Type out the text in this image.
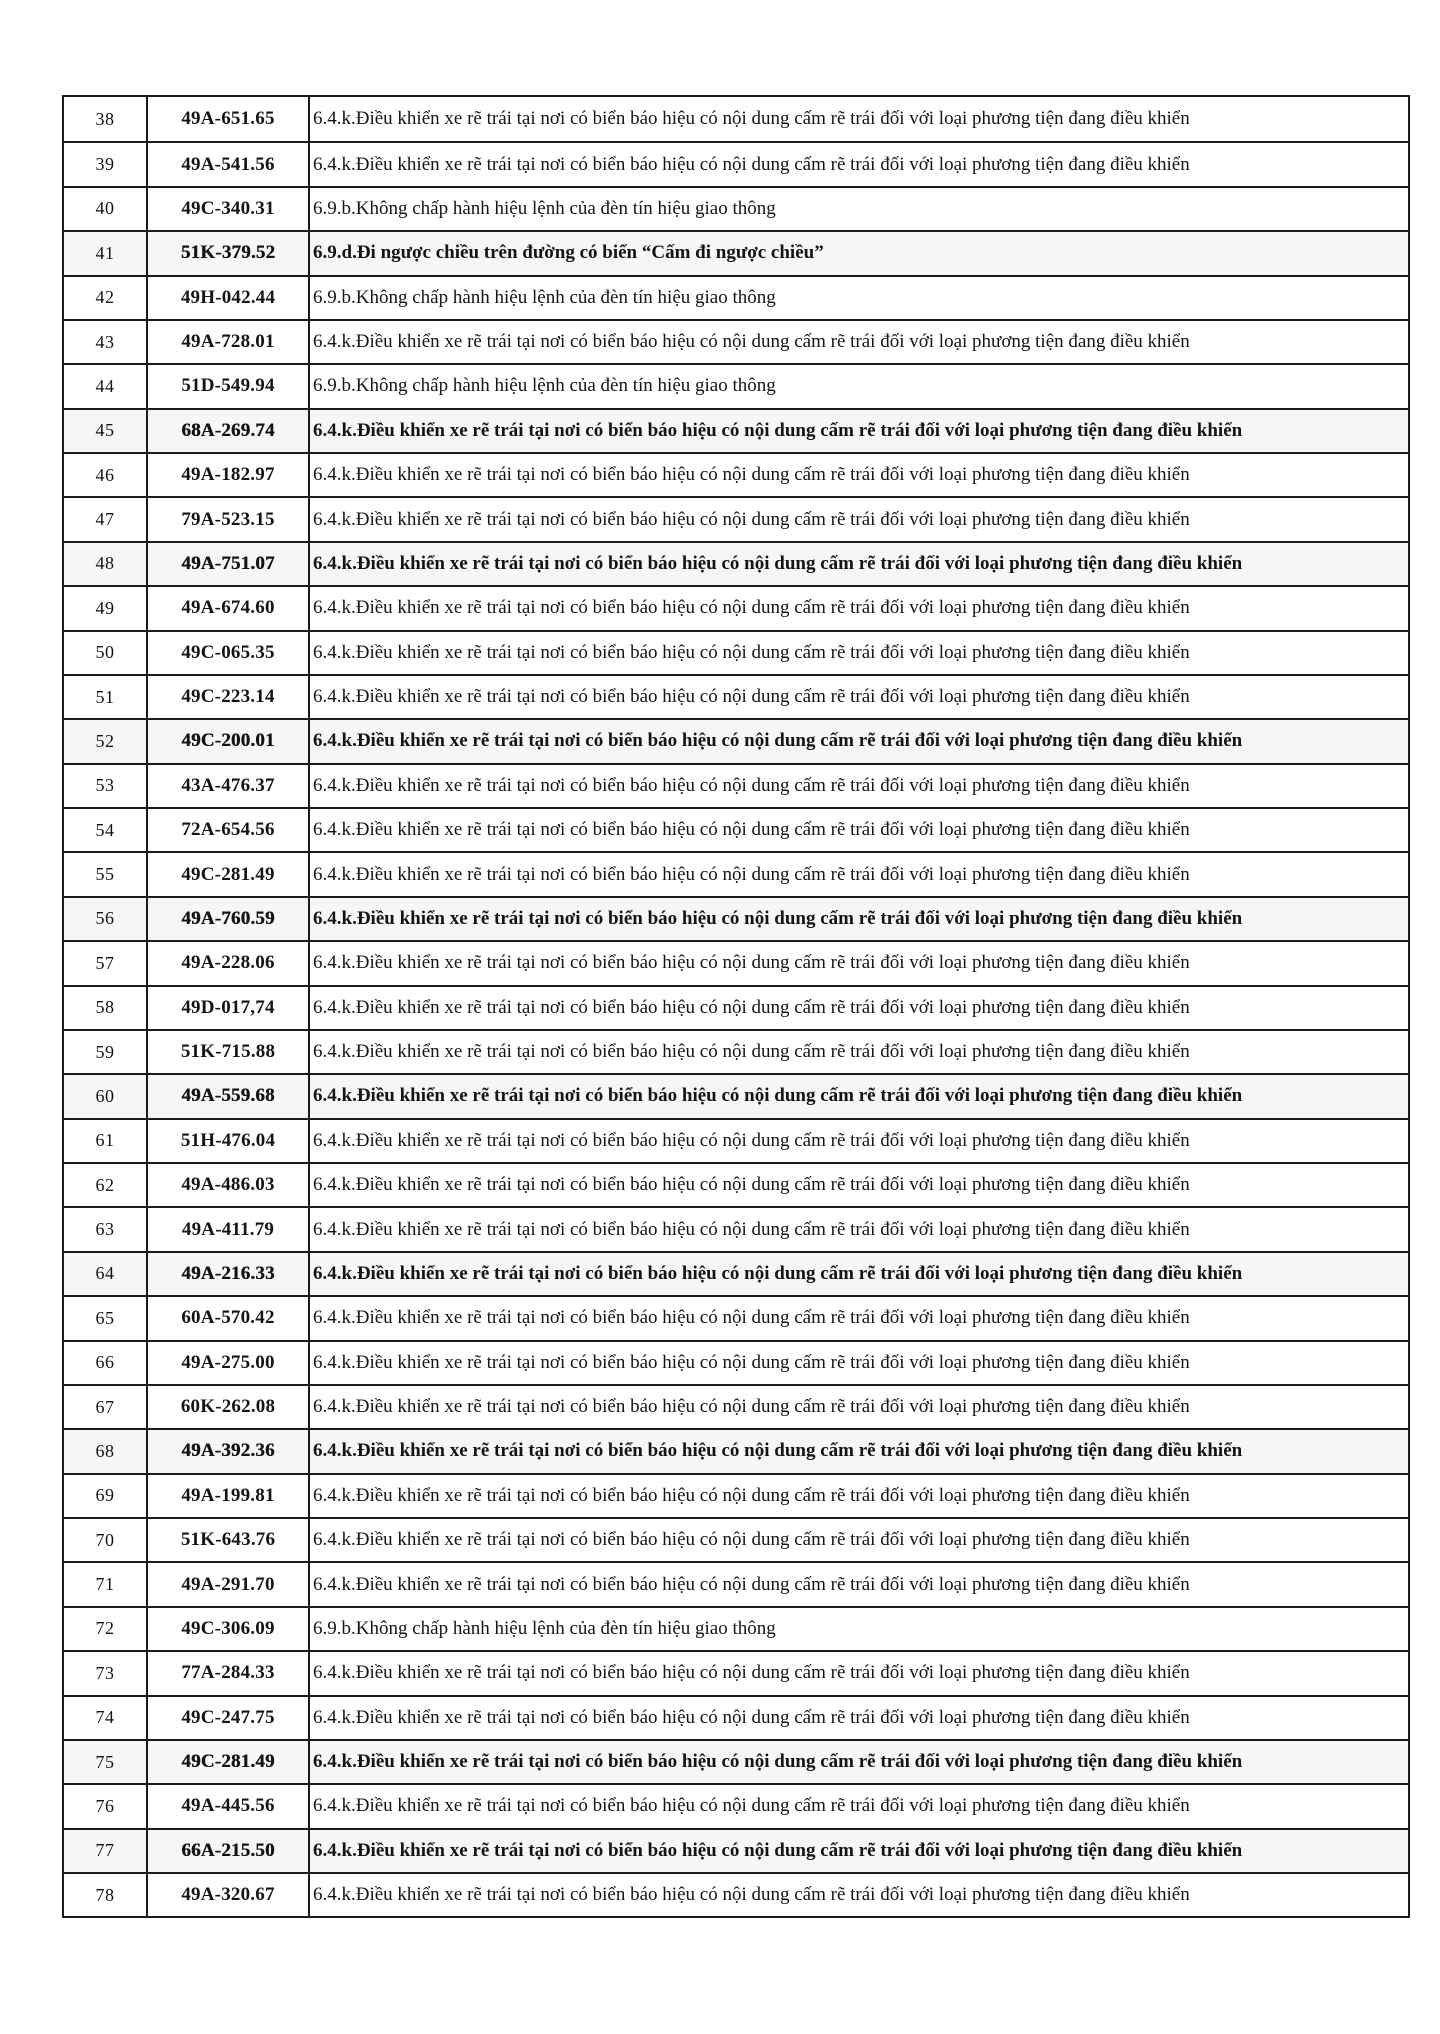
38	49A-651.65	6.4.k.Điều khiển xe rẽ trái tại nơi có biển báo hiệu có nội dung cấm rẽ trái đối với loại phương tiện đang điều khiển
39	49A-541.56	6.4.k.Điều khiển xe rẽ trái tại nơi có biển báo hiệu có nội dung cấm rẽ trái đối với loại phương tiện đang điều khiển
40	49C-340.31	6.9.b.Không chấp hành hiệu lệnh của đèn tín hiệu giao thông
41	51K-379.52	6.9.d.Đi ngược chiều trên đường có biển “Cấm đi ngược chiều”
42	49H-042.44	6.9.b.Không chấp hành hiệu lệnh của đèn tín hiệu giao thông
43	49A-728.01	6.4.k.Điều khiển xe rẽ trái tại nơi có biển báo hiệu có nội dung cấm rẽ trái đối với loại phương tiện đang điều khiển
44	51D-549.94	6.9.b.Không chấp hành hiệu lệnh của đèn tín hiệu giao thông
45	68A-269.74	6.4.k.Điều khiển xe rẽ trái tại nơi có biển báo hiệu có nội dung cấm rẽ trái đối với loại phương tiện đang điều khiển
46	49A-182.97	6.4.k.Điều khiển xe rẽ trái tại nơi có biển báo hiệu có nội dung cấm rẽ trái đối với loại phương tiện đang điều khiển
47	79A-523.15	6.4.k.Điều khiển xe rẽ trái tại nơi có biển báo hiệu có nội dung cấm rẽ trái đối với loại phương tiện đang điều khiển
48	49A-751.07	6.4.k.Điều khiển xe rẽ trái tại nơi có biển báo hiệu có nội dung cấm rẽ trái đối với loại phương tiện đang điều khiển
49	49A-674.60	6.4.k.Điều khiển xe rẽ trái tại nơi có biển báo hiệu có nội dung cấm rẽ trái đối với loại phương tiện đang điều khiển
50	49C-065.35	6.4.k.Điều khiển xe rẽ trái tại nơi có biển báo hiệu có nội dung cấm rẽ trái đối với loại phương tiện đang điều khiển
51	49C-223.14	6.4.k.Điều khiển xe rẽ trái tại nơi có biển báo hiệu có nội dung cấm rẽ trái đối với loại phương tiện đang điều khiển
52	49C-200.01	6.4.k.Điều khiển xe rẽ trái tại nơi có biển báo hiệu có nội dung cấm rẽ trái đối với loại phương tiện đang điều khiển
53	43A-476.37	6.4.k.Điều khiển xe rẽ trái tại nơi có biển báo hiệu có nội dung cấm rẽ trái đối với loại phương tiện đang điều khiển
54	72A-654.56	6.4.k.Điều khiển xe rẽ trái tại nơi có biển báo hiệu có nội dung cấm rẽ trái đối với loại phương tiện đang điều khiển
55	49C-281.49	6.4.k.Điều khiển xe rẽ trái tại nơi có biển báo hiệu có nội dung cấm rẽ trái đối với loại phương tiện đang điều khiển
56	49A-760.59	6.4.k.Điều khiển xe rẽ trái tại nơi có biển báo hiệu có nội dung cấm rẽ trái đối với loại phương tiện đang điều khiển
57	49A-228.06	6.4.k.Điều khiển xe rẽ trái tại nơi có biển báo hiệu có nội dung cấm rẽ trái đối với loại phương tiện đang điều khiển
58	49D-017,74	6.4.k.Điều khiển xe rẽ trái tại nơi có biển báo hiệu có nội dung cấm rẽ trái đối với loại phương tiện đang điều khiển
59	51K-715.88	6.4.k.Điều khiển xe rẽ trái tại nơi có biển báo hiệu có nội dung cấm rẽ trái đối với loại phương tiện đang điều khiển
60	49A-559.68	6.4.k.Điều khiển xe rẽ trái tại nơi có biển báo hiệu có nội dung cấm rẽ trái đối với loại phương tiện đang điều khiển
61	51H-476.04	6.4.k.Điều khiển xe rẽ trái tại nơi có biển báo hiệu có nội dung cấm rẽ trái đối với loại phương tiện đang điều khiển
62	49A-486.03	6.4.k.Điều khiển xe rẽ trái tại nơi có biển báo hiệu có nội dung cấm rẽ trái đối với loại phương tiện đang điều khiển
63	49A-411.79	6.4.k.Điều khiển xe rẽ trái tại nơi có biển báo hiệu có nội dung cấm rẽ trái đối với loại phương tiện đang điều khiển
64	49A-216.33	6.4.k.Điều khiển xe rẽ trái tại nơi có biển báo hiệu có nội dung cấm rẽ trái đối với loại phương tiện đang điều khiển
65	60A-570.42	6.4.k.Điều khiển xe rẽ trái tại nơi có biển báo hiệu có nội dung cấm rẽ trái đối với loại phương tiện đang điều khiển
66	49A-275.00	6.4.k.Điều khiển xe rẽ trái tại nơi có biển báo hiệu có nội dung cấm rẽ trái đối với loại phương tiện đang điều khiển
67	60K-262.08	6.4.k.Điều khiển xe rẽ trái tại nơi có biển báo hiệu có nội dung cấm rẽ trái đối với loại phương tiện đang điều khiển
68	49A-392.36	6.4.k.Điều khiển xe rẽ trái tại nơi có biển báo hiệu có nội dung cấm rẽ trái đối với loại phương tiện đang điều khiển
69	49A-199.81	6.4.k.Điều khiển xe rẽ trái tại nơi có biển báo hiệu có nội dung cấm rẽ trái đối với loại phương tiện đang điều khiển
70	51K-643.76	6.4.k.Điều khiển xe rẽ trái tại nơi có biển báo hiệu có nội dung cấm rẽ trái đối với loại phương tiện đang điều khiển
71	49A-291.70	6.4.k.Điều khiển xe rẽ trái tại nơi có biển báo hiệu có nội dung cấm rẽ trái đối với loại phương tiện đang điều khiển
72	49C-306.09	6.9.b.Không chấp hành hiệu lệnh của đèn tín hiệu giao thông
73	77A-284.33	6.4.k.Điều khiển xe rẽ trái tại nơi có biển báo hiệu có nội dung cấm rẽ trái đối với loại phương tiện đang điều khiển
74	49C-247.75	6.4.k.Điều khiển xe rẽ trái tại nơi có biển báo hiệu có nội dung cấm rẽ trái đối với loại phương tiện đang điều khiển
75	49C-281.49	6.4.k.Điều khiển xe rẽ trái tại nơi có biển báo hiệu có nội dung cấm rẽ trái đối với loại phương tiện đang điều khiển
76	49A-445.56	6.4.k.Điều khiển xe rẽ trái tại nơi có biển báo hiệu có nội dung cấm rẽ trái đối với loại phương tiện đang điều khiển
77	66A-215.50	6.4.k.Điều khiển xe rẽ trái tại nơi có biển báo hiệu có nội dung cấm rẽ trái đối với loại phương tiện đang điều khiển
78	49A-320.67	6.4.k.Điều khiển xe rẽ trái tại nơi có biển báo hiệu có nội dung cấm rẽ trái đối với loại phương tiện đang điều khiển
